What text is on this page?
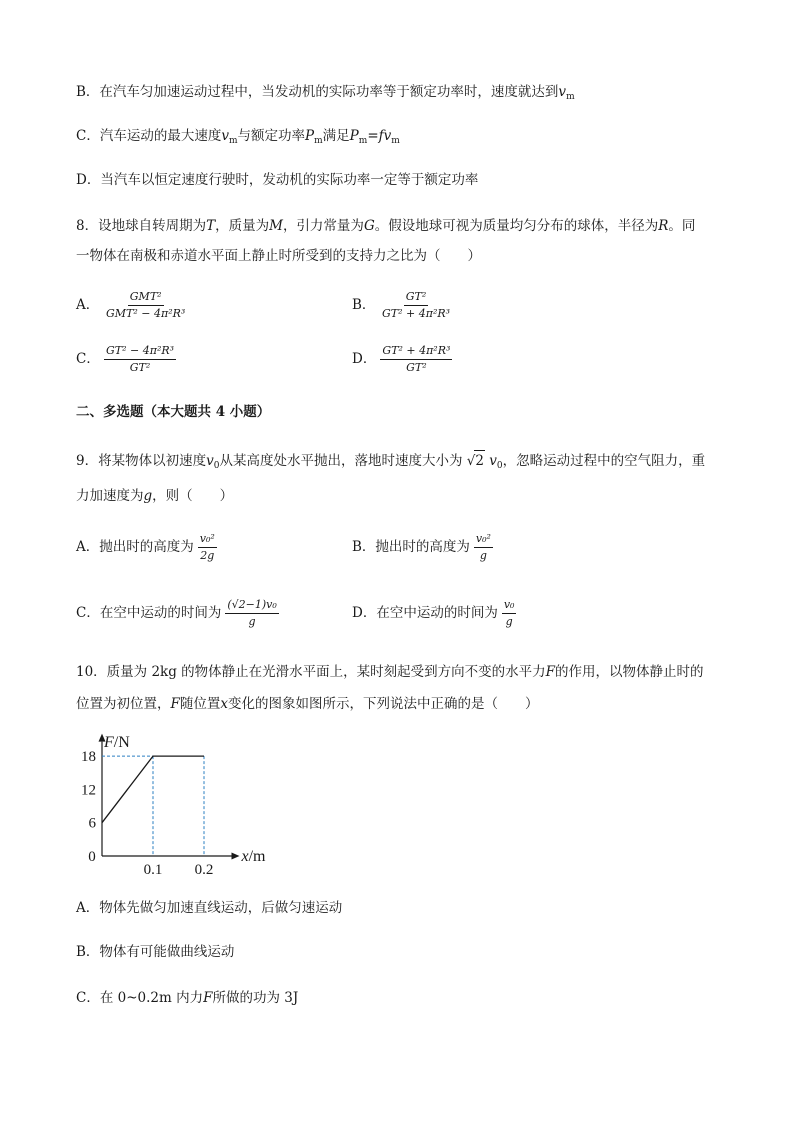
B．在汽车匀加速运动过程中，当发动机的实际功率等于额定功率时，速度就达到$v_m$
C．汽车运动的最大速度$v_m$与额定功率$P_m$满足$P_m=fv_m$
D．当汽车以恒定速度行驶时，发动机的实际功率一定等于额定功率
8．设地球自转周期为T，质量为M，引力常量为G。假设地球可视为质量均匀分布的球体，半径为R。同
一物体在南极和赤道水平面上静止时所受到的支持力之比为（　　）
A． $\frac{\text{GMT²}}{\text{GMT² − 4π²R³}}$	B． $\frac{\text{GT²}}{\text{GT² + 4π²R³}}$
C． $\frac{\text{GT² − 4π²R³}}{\text{GT²}}$	D． $\frac{\text{GT² + 4π²R³}}{\text{GT²}}$
二、多选题（本大题共 4 小题）
9．将某物体以初速度$v_0$从某高度处水平抛出，落地时速度大小为 √2 $v_0$，忽略运动过程中的空气阻力，重
力加速度为g，则（　　）
A．抛出时的高度为 $\frac{\text{v₀²}}{2g}$	B．抛出时的高度为 $\frac{\text{v₀²}}{g}$
C．在空中运动的时间为 $\frac{\text{(√2−1)v₀}}{g}$	D．在空中运动的时间为 $\frac{\text{v₀}}{g}$
10．质量为 2kg 的物体静止在光滑水平面上，某时刻起受到方向不变的水平力F的作用，以物体静止时的
位置为初位置，F随位置x变化的图象如图所示，下列说法中正确的是（　　）
F/N
x/m
0
18
12
6
0.1 0.2
A．物体先做匀加速直线运动，后做匀速运动
B．物体有可能做曲线运动
C．在 0~0.2m 内力F所做的功为 3J
